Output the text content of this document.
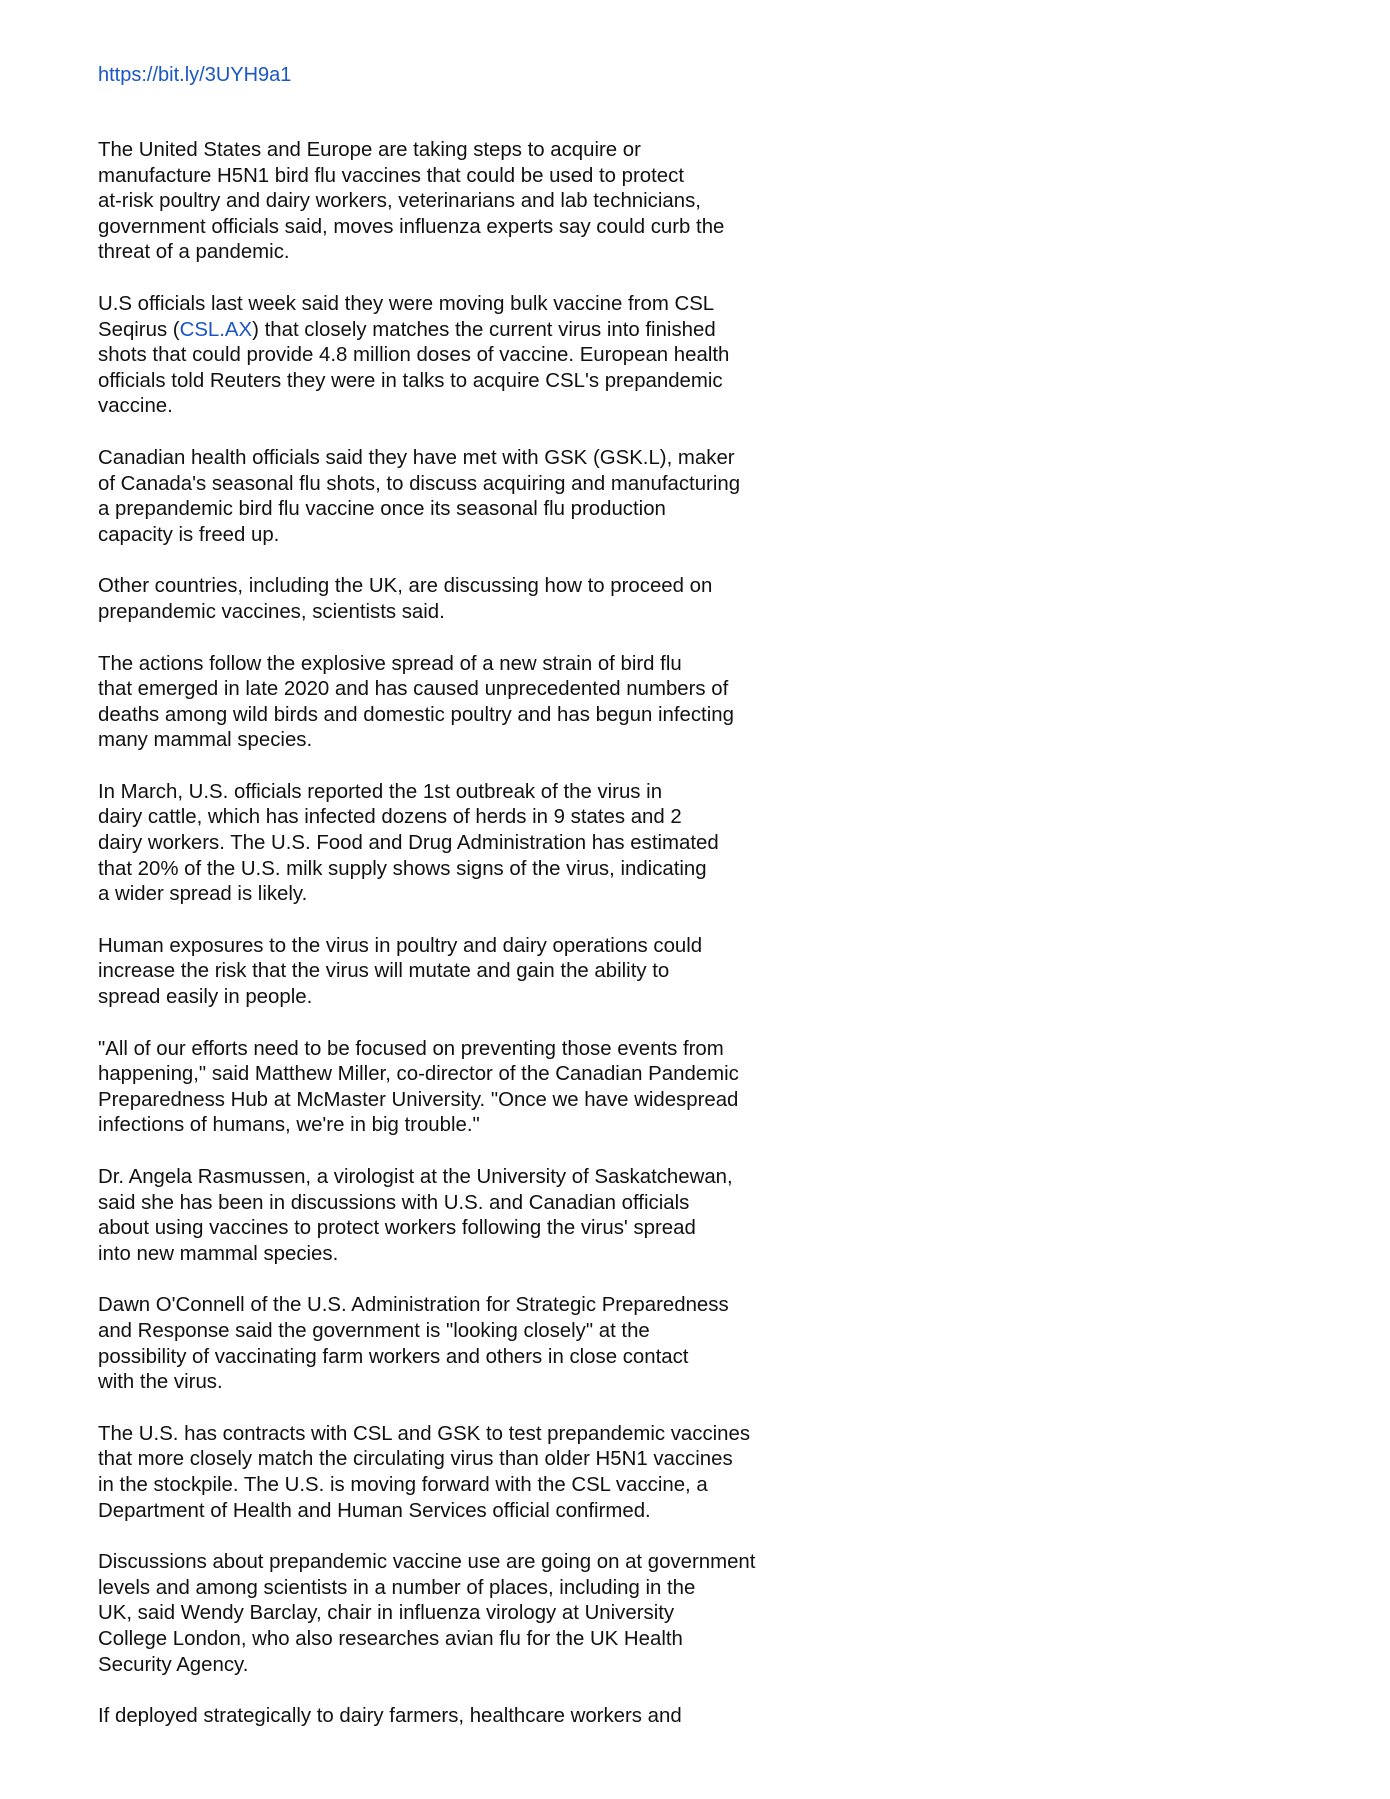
https://bit.ly/3UYH9a1

The United States and Europe are taking steps to acquire or
manufacture H5N1 bird flu vaccines that could be used to protect
at-risk poultry and dairy workers, veterinarians and lab technicians,
government officials said, moves influenza experts say could curb the
threat of a pandemic.

U.S officials last week said they were moving bulk vaccine from CSL
Seqirus (CSL.AX) that closely matches the current virus into finished
shots that could provide 4.8 million doses of vaccine. European health
officials told Reuters they were in talks to acquire CSL's prepandemic
vaccine.

Canadian health officials said they have met with GSK (GSK.L), maker
of Canada's seasonal flu shots, to discuss acquiring and manufacturing
a prepandemic bird flu vaccine once its seasonal flu production
capacity is freed up.

Other countries, including the UK, are discussing how to proceed on
prepandemic vaccines, scientists said.

The actions follow the explosive spread of a new strain of bird flu
that emerged in late 2020 and has caused unprecedented numbers of
deaths among wild birds and domestic poultry and has begun infecting
many mammal species.

In March, U.S. officials reported the 1st outbreak of the virus in
dairy cattle, which has infected dozens of herds in 9 states and 2
dairy workers. The U.S. Food and Drug Administration has estimated
that 20% of the U.S. milk supply shows signs of the virus, indicating
a wider spread is likely.

Human exposures to the virus in poultry and dairy operations could
increase the risk that the virus will mutate and gain the ability to
spread easily in people.

"All of our efforts need to be focused on preventing those events from
happening," said Matthew Miller, co-director of the Canadian Pandemic
Preparedness Hub at McMaster University. "Once we have widespread
infections of humans, we're in big trouble."

Dr. Angela Rasmussen, a virologist at the University of Saskatchewan,
said she has been in discussions with U.S. and Canadian officials
about using vaccines to protect workers following the virus' spread
into new mammal species.

Dawn O'Connell of the U.S. Administration for Strategic Preparedness
and Response said the government is "looking closely" at the
possibility of vaccinating farm workers and others in close contact
with the virus.

The U.S. has contracts with CSL and GSK to test prepandemic vaccines
that more closely match the circulating virus than older H5N1 vaccines
in the stockpile. The U.S. is moving forward with the CSL vaccine, a
Department of Health and Human Services official confirmed.

Discussions about prepandemic vaccine use are going on at government
levels and among scientists in a number of places, including in the
UK, said Wendy Barclay, chair in influenza virology at University
College London, who also researches avian flu for the UK Health
Security Agency.

If deployed strategically to dairy farmers, healthcare workers and
